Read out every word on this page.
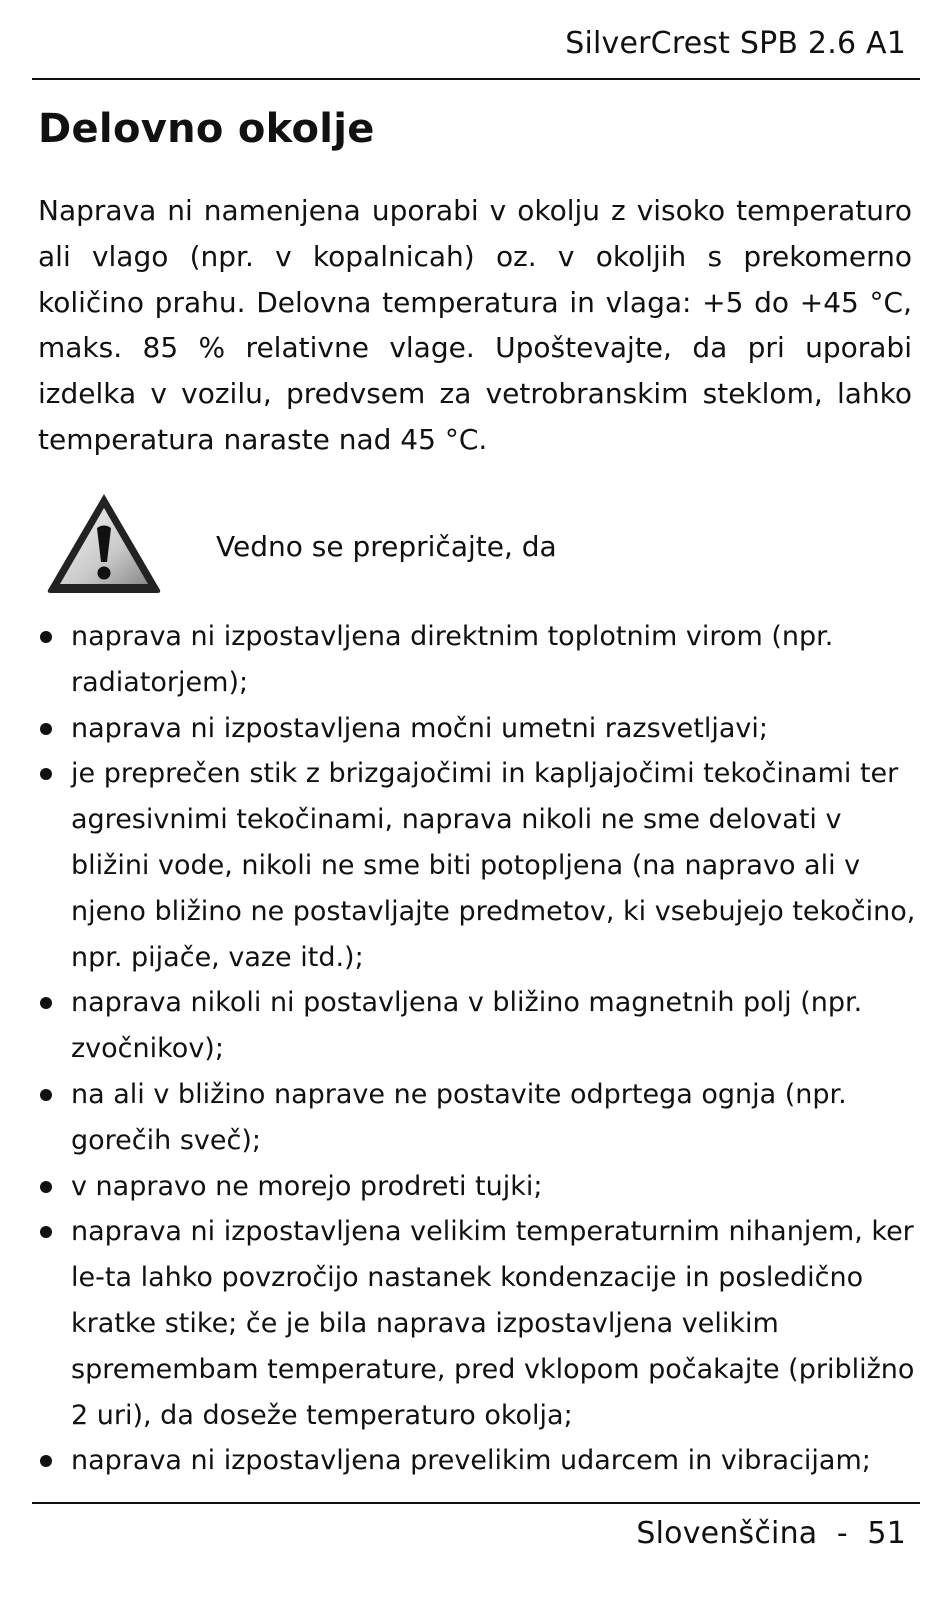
SilverCrest SPB 2.6 A1
Delovno okolje

Naprava ni namenjena uporabi v okolju z visoko temperaturo ali vlago (npr. v kopalnicah) oz. v okoljih s prekomerno količino prahu. Delovna temperatura in vlaga: +5 do +45 °C, maks. 85 % relativne vlage. Upoštevajte, da pri uporabi izdelka v vozilu, predvsem za vetrobranskim steklom, lahko temperatura naraste nad 45 °C.

Vedno se prepričajte, da
naprava ni izpostavljena direktnim toplotnim virom (npr. radiatorjem);
naprava ni izpostavljena močni umetni razsvetljavi;
je preprečen stik z brizgajočimi in kapljajočimi tekočinami ter agresivnimi tekočinami, naprava nikoli ne sme delovati v bližini vode, nikoli ne sme biti potopljena (na napravo ali v njeno bližino ne postavljajte predmetov, ki vsebujejo tekočino, npr. pijače, vaze itd.);
naprava nikoli ni postavljena v bližino magnetnih polj (npr. zvočnikov);
na ali v bližino naprave ne postavite odprtega ognja (npr. gorečih sveč);
v napravo ne morejo prodreti tujki;
naprava ni izpostavljena velikim temperaturnim nihanjem, ker le-ta lahko povzročijo nastanek kondenzacije in posledično kratke stike; če je bila naprava izpostavljena velikim spremembam temperature, pred vklopom počakajte (približno 2 uri), da doseže temperaturo okolja;
naprava ni izpostavljena prevelikim udarcem in vibracijam;
Slovenščina - 51
